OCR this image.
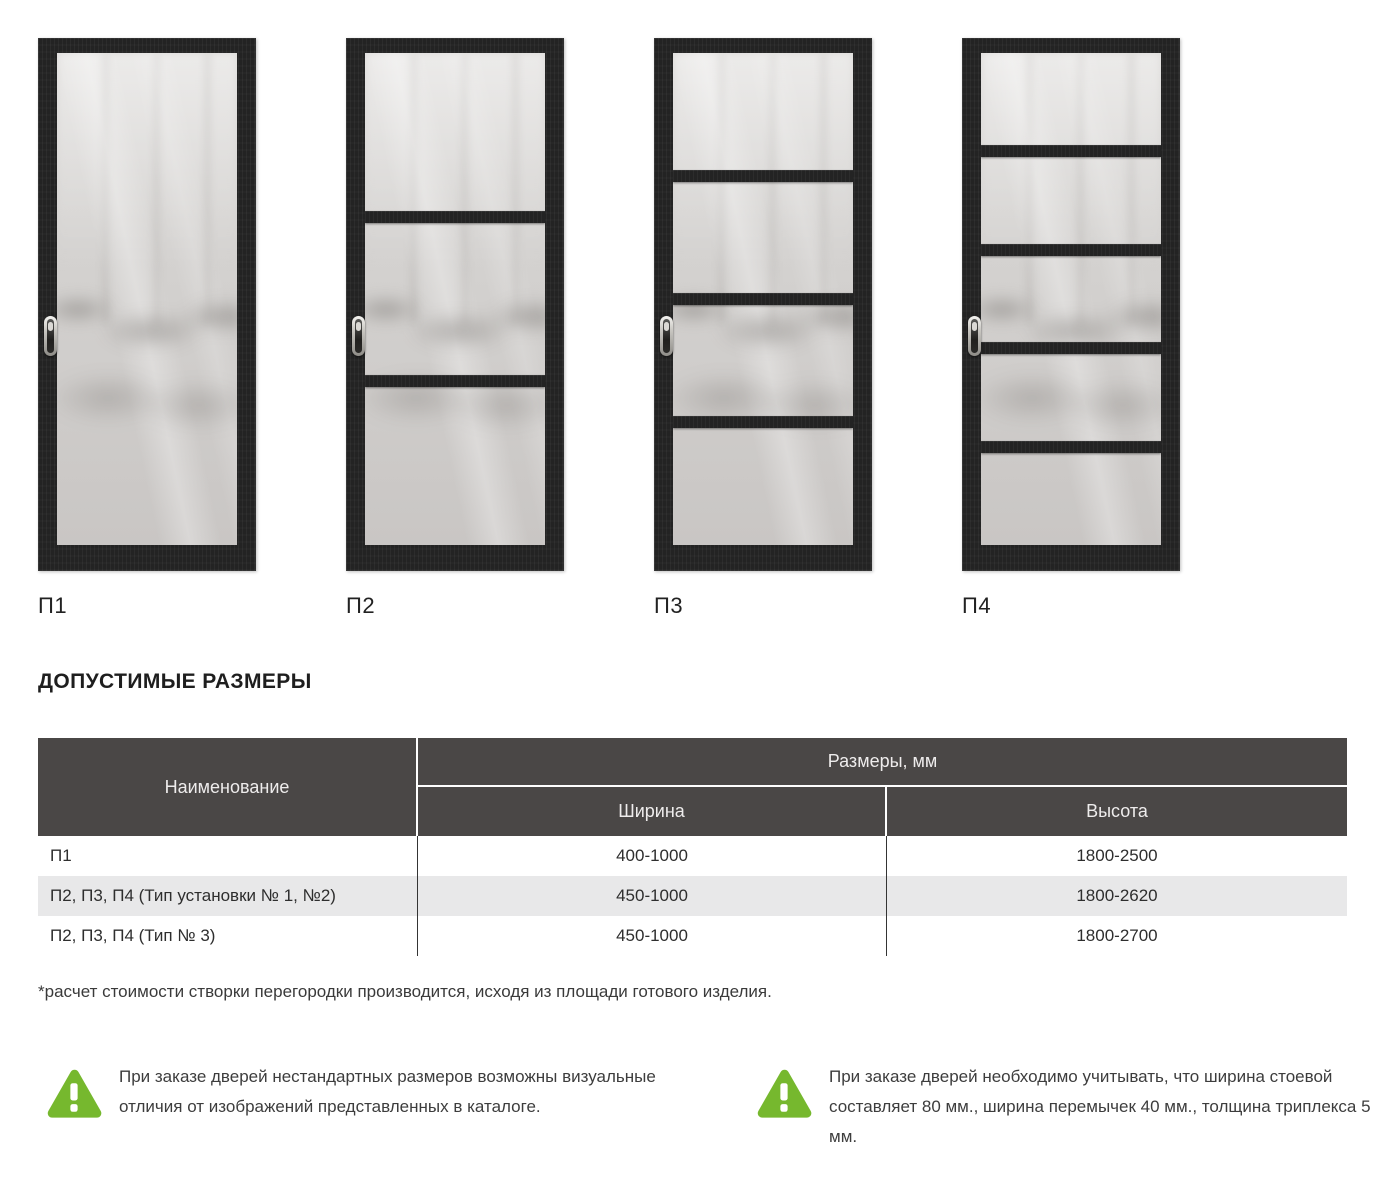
П1	П2	П3	П4
ДОПУСТИМЫЕ РАЗМЕРЫ
Наименование
Размеры, мм
Ширина	Высота
П1	400-1000	1800-2500
П2, П3, П4 (Тип установки № 1, №2)	450-1000	1800-2620
П2, П3, П4 (Тип № 3)	450-1000	1800-2700
*расчет стоимости створки перегородки производится, исходя из площади готового изделия.
При заказе дверей нестандартных размеров возможны визуальные отличия от изображений представленных в каталоге.
При заказе дверей необходимо учитывать, что ширина стоевой составляет 80 мм., ширина перемычек 40 мм., толщина триплекса 5 мм.
